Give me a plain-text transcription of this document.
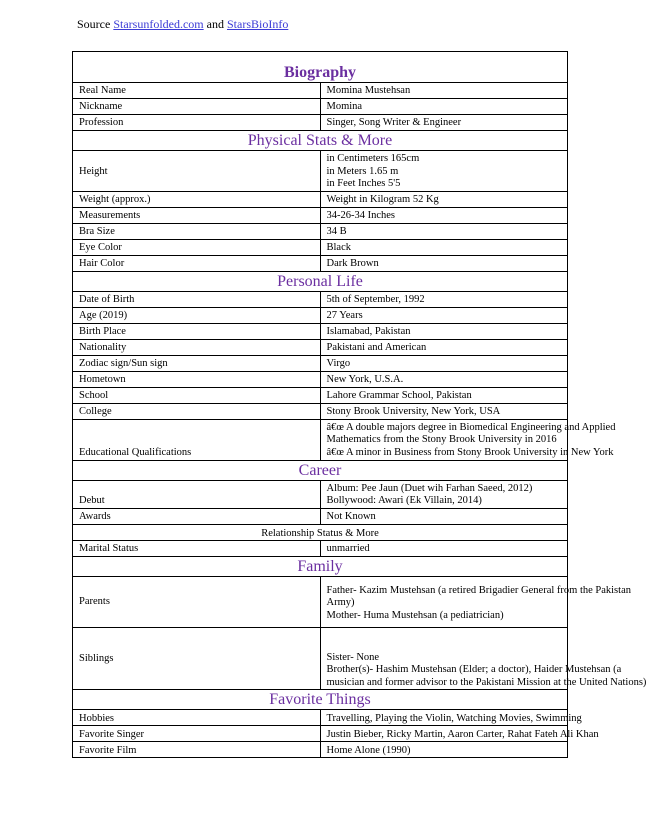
Source Starsunfolded.com and StarsBioInfo
Biography	
Real Name	Momina Mustehsan
Nickname	Momina
Profession	Singer, Song Writer & Engineer
Physical Stats & More	
Height	in Centimeters 165cm
in Meters 1.65 m
in Feet Inches 5'5

Weight (approx.)	Weight in Kilogram 52 Kg
Measurements	34-26-34 Inches
Bra Size	34 B
Eye Color	Black
Hair Color	Dark Brown
Personal Life	
Date of Birth	5th of September, 1992
Age (2019)	27 Years
Birth Place	Islamabad, Pakistan
Nationality	Pakistani and American
Zodiac sign/Sun sign	Virgo
Hometown	New York, U.S.A.
School	Lahore Grammar School, Pakistan
College	Stony Brook University, New York, USA
Educational Qualifications	â€œ A double majors degree in Biomedical Engineering and Applied
Mathematics from the Stony Brook University in 2016
â€œ A minor in Business from Stony Brook University in New York

Career	
Debut	Album: Pee Jaun (Duet wih Farhan Saeed, 2012)
Bollywood: Awari (Ek Villain, 2014)

Awards	Not Known
Relationship Status & More	
Marital Status	unmarried
Family	
Parents	Father- Kazim Mustehsan (a retired Brigadier General from the Pakistan
Army)
Mother- Huma Mustehsan (a pediatrician)

Siblings	Sister- None
Brother(s)- Hashim Mustehsan (Elder; a doctor), Haider Mustehsan (a
musician and former advisor to the Pakistani Mission at the United Nations)

Favorite Things	
Hobbies	Travelling, Playing the Violin, Watching Movies, Swimming
Favorite Singer	Justin Bieber, Ricky Martin, Aaron Carter, Rahat Fateh Ali Khan
Favorite Film	Home Alone (1990)
